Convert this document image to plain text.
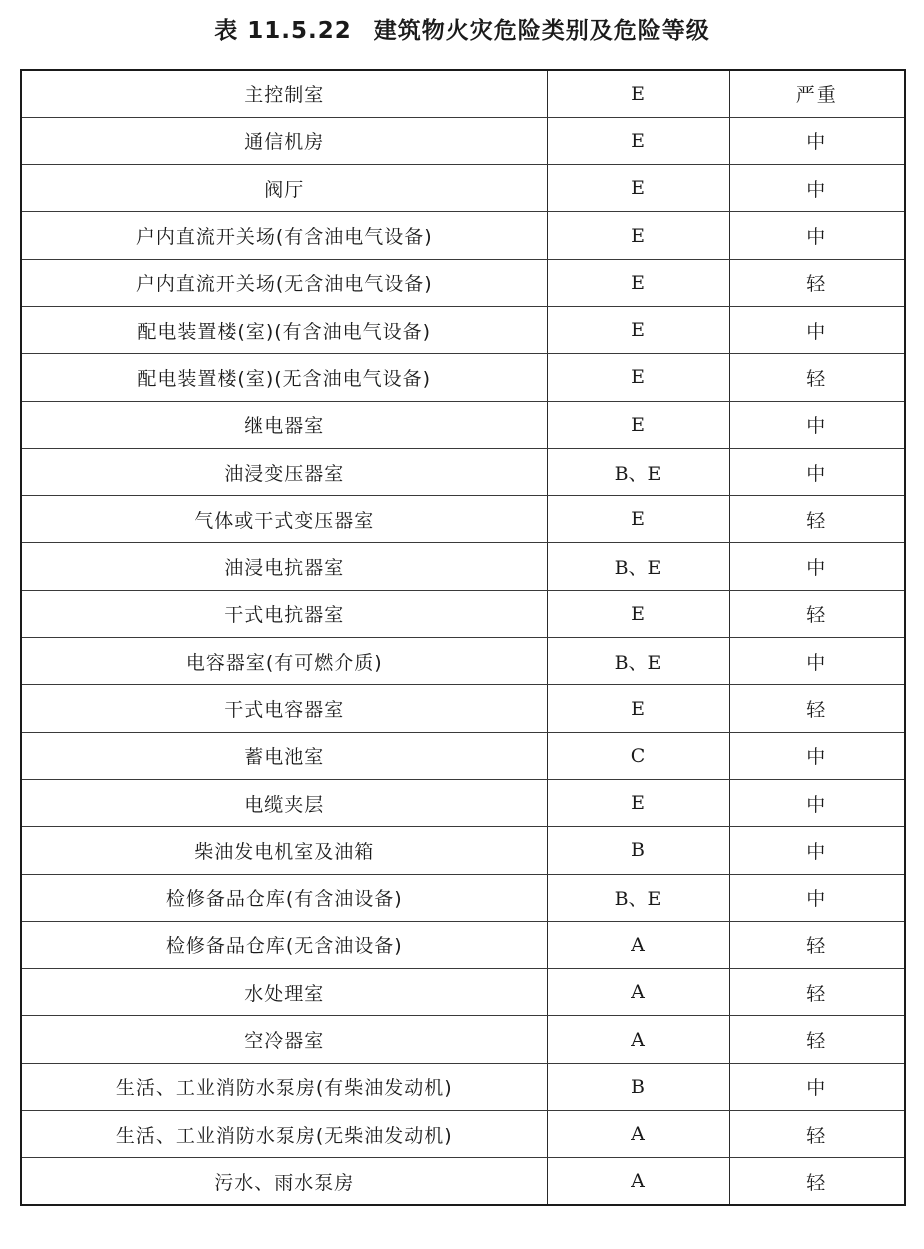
表 11.5.22 建筑物火灾危险类别及危险等级
主控制室	E	严重
通信机房	E	中
阀厅	E	中
户内直流开关场(有含油电气设备)	E	中
户内直流开关场(无含油电气设备)	E	轻
配电装置楼(室)(有含油电气设备)	E	中
配电装置楼(室)(无含油电气设备)	E	轻
继电器室	E	中
油浸变压器室	B、E	中
气体或干式变压器室	E	轻
油浸电抗器室	B、E	中
干式电抗器室	E	轻
电容器室(有可燃介质)	B、E	中
干式电容器室	E	轻
蓄电池室	C	中
电缆夹层	E	中
柴油发电机室及油箱	B	中
检修备品仓库(有含油设备)	B、E	中
检修备品仓库(无含油设备)	A	轻
水处理室	A	轻
空冷器室	A	轻
生活、工业消防水泵房(有柴油发动机)	B	中
生活、工业消防水泵房(无柴油发动机)	A	轻
污水、雨水泵房	A	轻
